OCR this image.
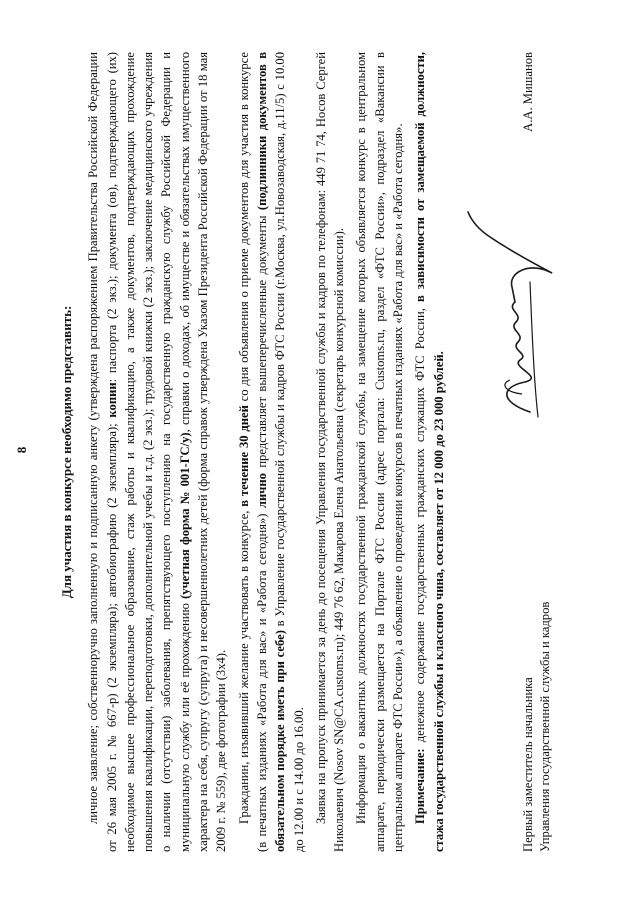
8 Для участия в конкурсе необходимо представить: личное заявление; собственноручно заполненную и подписанную анкету (утверждена распоряжением Правительства Российской Федерации от 26 мая 2005 г. № 667-р) (2 экземпляра); автобиографию (2 экземпляра); копии: паспорта (2 экз.); документа (ов), подтверждающего (их) необходимое высшее профессиональное образование, стаж работы и квалификацию, а также документов, подтверждающих прохождение повышения квалификации, переподготовки, дополнительной учебы и т.д. (2 экз.); трудовой книжки (2 экз.); заключение медицинского учреждения о наличии (отсутствии) заболевания, препятствующего поступлению на государственную гражданскую службу Российской Федерации и муниципальную службу или её прохождению (учетная форма № 001-ГС/у), справки о доходах, об имуществе и обязательствах имущественного характера на себя, супругу (супруга) и несовершеннолетних детей (форма справок утверждена Указом Президента Российской Федерации от 18 мая 2009 г. № 559), две фотографии (3х4). Гражданин, изъявивший желание участвовать в конкурсе, в течение 30 дней со дня объявления о приеме документов для участия в конкурсе (в печатных изданиях «Работа для вас» и «Работа сегодня») лично представляет вышеперечисленные документы (подлинники документов в обязательном порядке иметь при себе) в Управление государственной службы и кадров ФТС России (г.Москва, ул.Новозаводская, д.11/5) с 10.00 до 12.00 и с 14.00 до 16.00. Заявка на пропуск принимается за день до посещения Управления государственной службы и кадров по телефонам: 449 71 74, Носов Сергей Николаевич (Nosov SN@CA.customs.ru); 449 76 62, Макарова Елена Анатольевна (секретарь конкурсной комиссии). Информация о вакантных должностях государственной гражданской службы, на замещение которых объявляется конкурс в центральном аппарате, периодически размещается на Портале ФТС России (адрес портала: Customs.ru, раздел «ФТС России», подраздел «Вакансии в центральном аппарате ФТС России»), а объявление о проведении конкурсов в печатных изданиях «Работа для вас» и «Работа сегодня». Примечание: денежное содержание государственных гражданских служащих ФТС России, в зависимости от замещаемой должности, стажа государственной службы и классного чина, составляет от 12 000 до 23 000 рублей.	Первый заместитель начальника Управления государственной службы и кадров
А.А. Мишанов
